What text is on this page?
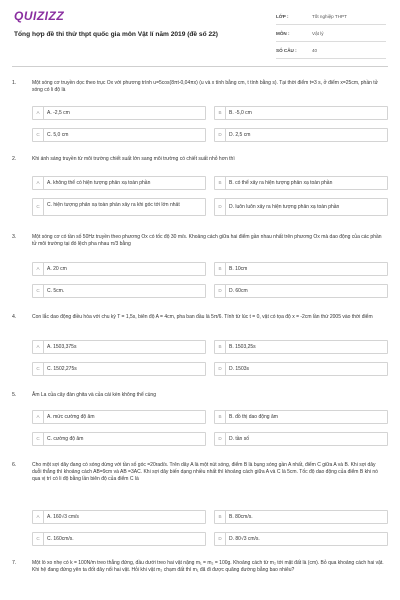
QUIZIZZ
Tổng hợp đề thi thử thpt quốc gia môn Vật lí năm 2019 (đề số 22)
LỚP :	Tốt nghiệp THPT
MÔN :	Vật lý
SỐ CÂU :	40
1.	Một sóng cơ truyền dọc theo trục Ox với phương trình u=5cos(8πt-0,04πx) (u và x tính bằng cm, t tính bằng s). Tại thời điểm t=3 s, ở điểm x=25cm, phần tử sóng có li độ là
A	A. -2,5 cm	B	B. -5,0 cm
C	C. 5,0 cm	D	D. 2,5 cm
2.	Khi ánh sáng truyền từ môi trường chiết suất lớn sang môi trường có chiết suất nhỏ hơn thì
A	A. không thể có hiện tượng phản xạ toàn phần	B	B. có thể xảy ra hiện tượng phản xạ toàn phần
C	C. hiện tượng phản xạ toàn phần xảy ra khi góc tới lớn nhất	D	D. luôn luôn xảy ra hiện tượng phản xạ toàn phần
3.	Một sóng cơ có tần số 50Hz truyền theo phương Ox có tốc độ 30 m/s. Khoảng cách giữa hai điểm gần nhau nhất trên phương Ox mà dao động của các phần tử môi trường tại đó lệch pha nhau π/3 bằng
A	A. 20 cm	B	B. 10cm
C	C. 5cm.	D	D. 60cm
4.	Con lắc dao động điều hòa với chu kỳ T = 1,5s, biên độ A = 4cm, pha ban đầu là 5π/6. Tính từ lúc t = 0, vật có tọa độ x = -2cm lần thứ 2005 vào thời điểm
A	A. 1503,375s	B	B. 1503,25s
C	C. 1502,275s	D	D. 1503s
5.	Âm La của cây đàn ghita và của cái kèn không thể cùng
A	A. mức cường độ âm	B	B. đồ thị dao động âm
C	C. cường độ âm	D	D. tần số
6.	Cho một sợi dây đang có sóng dừng với tần số góc =20rad/s. Trên dây A là một nút sóng, điểm B là bụng sóng gần A nhất, điểm C giữa A và B. Khi sợi dây duỗi thẳng thì khoảng cách AB=9cm và AB =3AC. Khi sợi dây biến dạng nhiều nhất thì khoảng cách giữa A và C là 5cm. Tốc độ dao động của điểm B khi nó qua vị trí có li độ bằng lần biên độ của điểm C là
A	A. 160√3 cm/s	B	B. 80cm/s.
C	C. 160cm/s.	D	D. 80√3 cm/s.
7.	Một lò xo nhẹ có k = 100N/m treo thẳng đứng, đầu dưới treo hai vật nặng m₁ = m₂ = 100g. Khoảng cách từ m₂ tới mặt đất là (cm). Bỏ qua khoảng cách hai vật. Khi hệ đang đứng yên ta đốt dây nối hai vật. Hỏi khi vật m₂ chạm đất thì m₁ đã đi được quãng đường bằng bao nhiêu?
